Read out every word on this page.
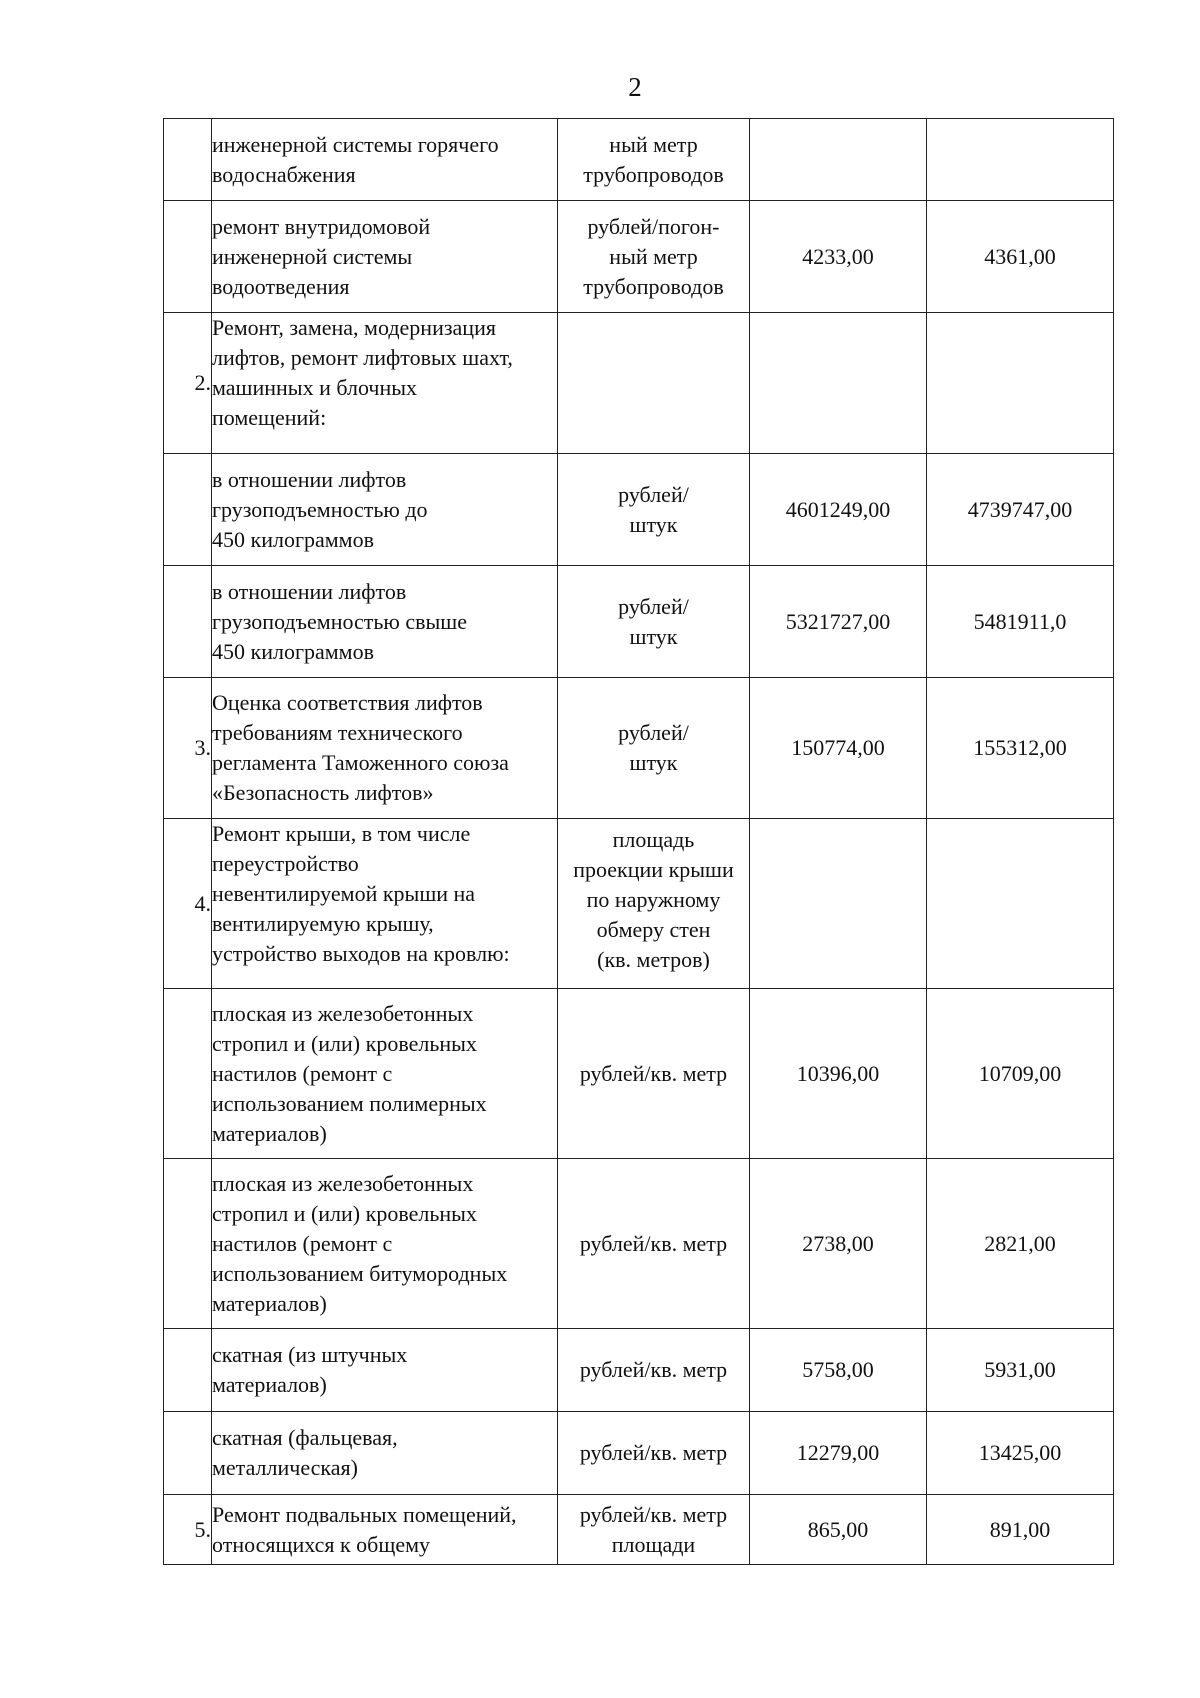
2
	инженерной системы горячего
водоснабжения	ный метр
трубопроводов		
	ремонт внутридомовой
инженерной системы
водоотведения	рублей/погон-
ный метр
трубопроводов	4233,00	4361,00
2.	Ремонт, замена, модернизация
лифтов, ремонт лифтовых шахт,
машинных и блочных
помещений:			
	в отношении лифтов
грузоподъемностью до
450 килограммов	рублей/
штук	4601249,00	4739747,00
	в отношении лифтов
грузоподъемностью свыше
450 килограммов	рублей/
штук	5321727,00	5481911,0
3.	Оценка соответствия лифтов
требованиям технического
регламента Таможенного союза
«Безопасность лифтов»	рублей/
штук	150774,00	155312,00
4.	Ремонт крыши, в том числе
переустройство
невентилируемой крыши на
вентилируемую крышу,
устройство выходов на кровлю:	площадь
проекции крыши
по наружному
обмеру стен
(кв. метров)		
	плоская из железобетонных
стропил и (или) кровельных
настилов (ремонт с
использованием полимерных
материалов)	рублей/кв. метр	10396,00	10709,00
	плоская из железобетонных
стропил и (или) кровельных
настилов (ремонт с
использованием битумородных
материалов)	рублей/кв. метр	2738,00	2821,00
	скатная (из штучных
материалов)	рублей/кв. метр	5758,00	5931,00
	скатная (фальцевая,
металлическая)	рублей/кв. метр	12279,00	13425,00
5.	Ремонт подвальных помещений,
относящихся к общему	рублей/кв. метр
площади	865,00	891,00
